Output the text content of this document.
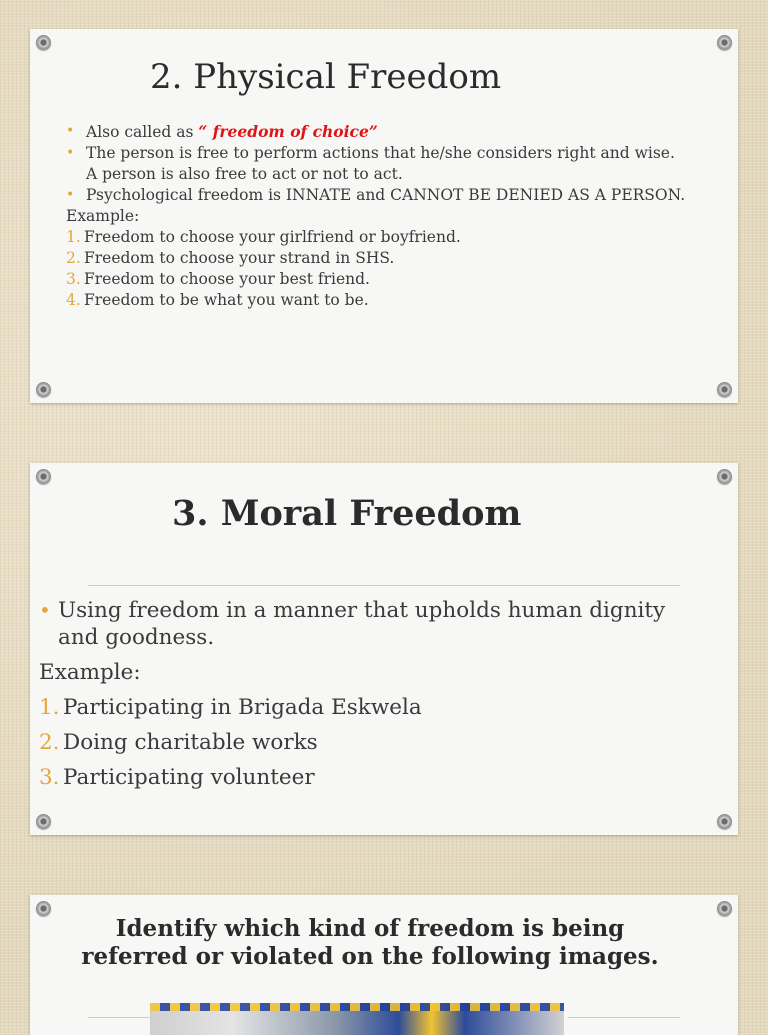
2. Physical Freedom
• Also called as “ freedom of choice”
• The person is free to perform actions that he/she considers right and wise.
A person is also free to act or not to act.
• Psychological freedom is INNATE and CANNOT BE DENIED AS A PERSON.
Example:
1. Freedom to choose your girlfriend or boyfriend.
2. Freedom to choose your strand in SHS.
3. Freedom to choose your best friend.
4. Freedom to be what you want to be.
3. Moral Freedom
• Using freedom in a manner that upholds human dignity
and goodness.
Example:
1. Participating in Brigada Eskwela
2. Doing charitable works
3. Participating volunteer
Identify which kind of freedom is being
referred or violated on the following images.
